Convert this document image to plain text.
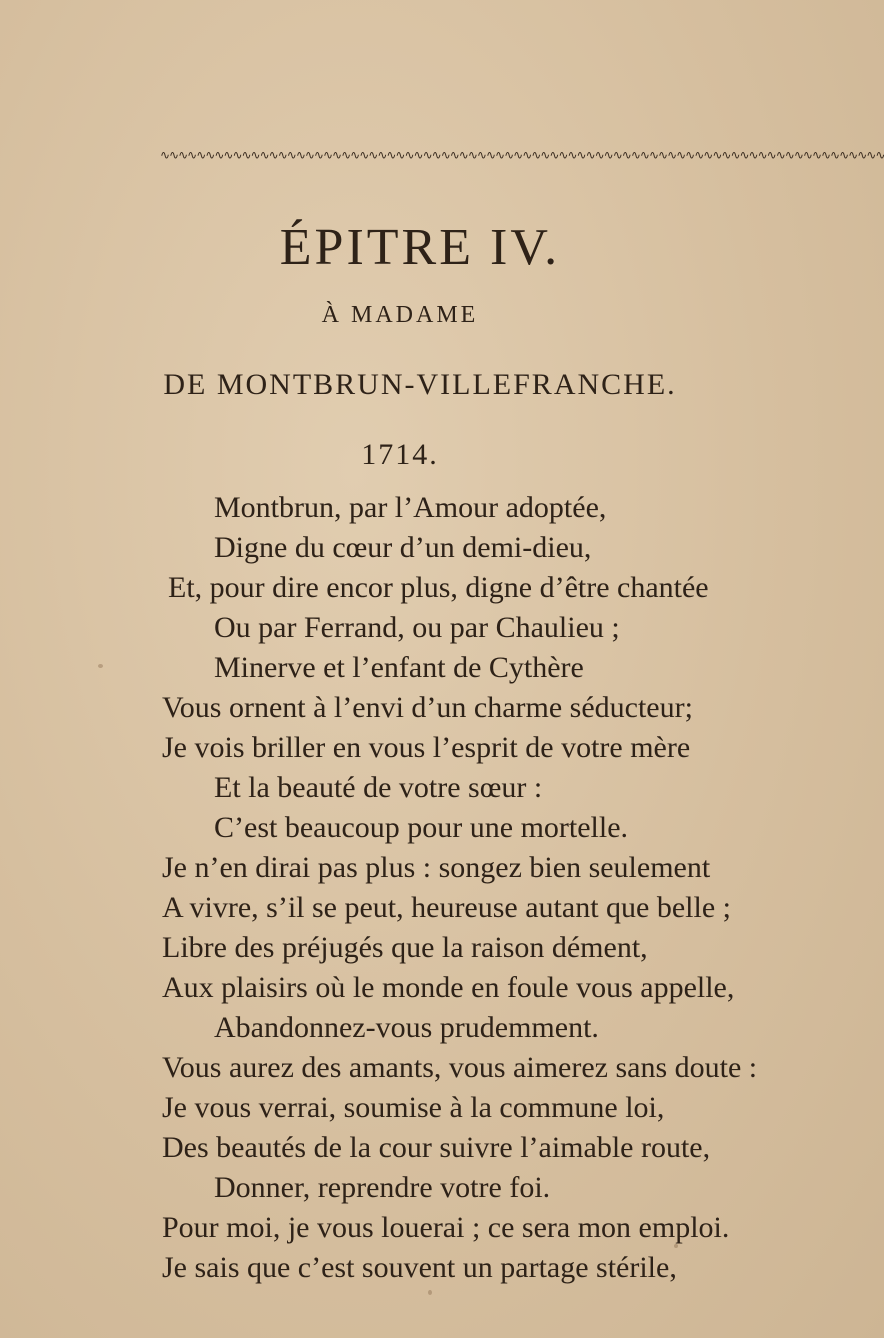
∿∿∿∿∿∿∿∿∿∿∿∿∿∿∿∿∿∿∿∿∿∿∿∿∿∿∿∿∿∿∿∿∿∿∿∿∿∿∿∿∿∿∿∿∿∿∿∿∿∿∿∿∿∿∿∿∿∿∿∿∿∿∿∿∿∿∿∿∿∿∿∿∿∿∿∿∿∿∿∿
ÉPITRE IV.
À MADAME
DE MONTBRUN-VILLEFRANCHE.
1714.
Montbrun, par l’Amour adoptée,
Digne du cœur d’un demi-dieu,
Et, pour dire encor plus, digne d’être chantée
Ou par Ferrand, ou par Chaulieu ;
Minerve et l’enfant de Cythère
Vous ornent à l’envi d’un charme séducteur;
Je vois briller en vous l’esprit de votre mère
Et la beauté de votre sœur :
C’est beaucoup pour une mortelle.
Je n’en dirai pas plus : songez bien seulement
A vivre, s’il se peut, heureuse autant que belle ;
Libre des préjugés que la raison dément,
Aux plaisirs où le monde en foule vous appelle,
Abandonnez-vous prudemment.
Vous aurez des amants, vous aimerez sans doute :
Je vous verrai, soumise à la commune loi,
Des beautés de la cour suivre l’aimable route,
Donner, reprendre votre foi.
Pour moi, je vous louerai ; ce sera mon emploi.
Je sais que c’est souvent un partage stérile,
